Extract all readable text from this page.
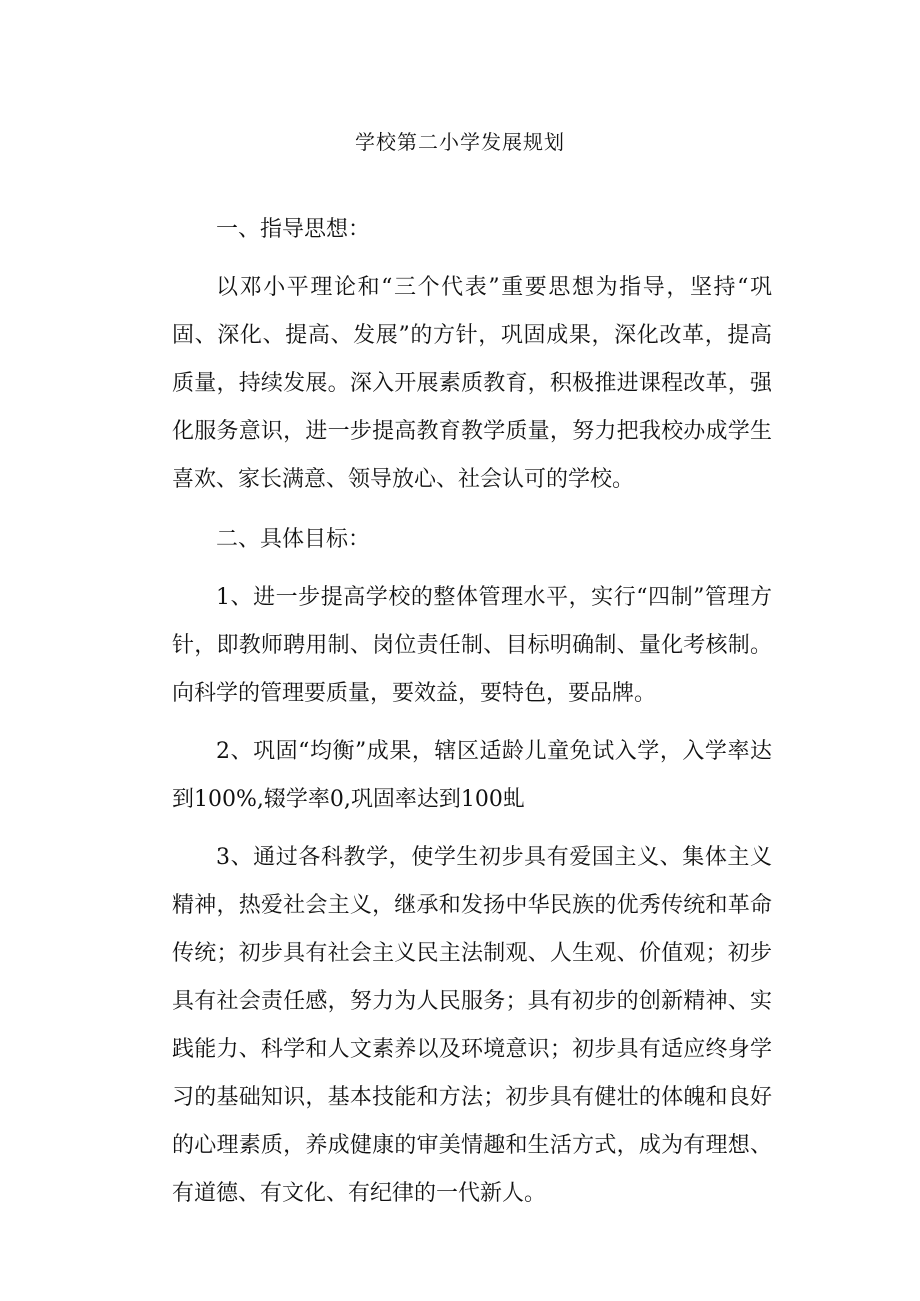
学校第二小学发展规划

一、指导思想：

以邓小平理论和“三个代表”重要思想为指导，坚持“巩固、深化、提高、发展”的方针，巩固成果，深化改革，提高质量，持续发展。深入开展素质教育，积极推进课程改革，强化服务意识，进一步提高教育教学质量，努力把我校办成学生喜欢、家长满意、领导放心、社会认可的学校。

二、具体目标：

1、进一步提高学校的整体管理水平，实行“四制”管理方针，即教师聘用制、岗位责任制、目标明确制、量化考核制。向科学的管理要质量，要效益，要特色，要品牌。

2、巩固“均衡”成果，辖区适龄儿童免试入学，入学率达到100%,辍学率0,巩固率达到100虬

3、通过各科教学，使学生初步具有爱国主义、集体主义精神，热爱社会主义，继承和发扬中华民族的优秀传统和革命传统；初步具有社会主义民主法制观、人生观、价值观；初步具有社会责任感，努力为人民服务；具有初步的创新精神、实践能力、科学和人文素养以及环境意识；初步具有适应终身学习的基础知识，基本技能和方法；初步具有健壮的体魄和良好的心理素质，养成健康的审美情趣和生活方式，成为有理想、有道德、有文化、有纪律的一代新人。
